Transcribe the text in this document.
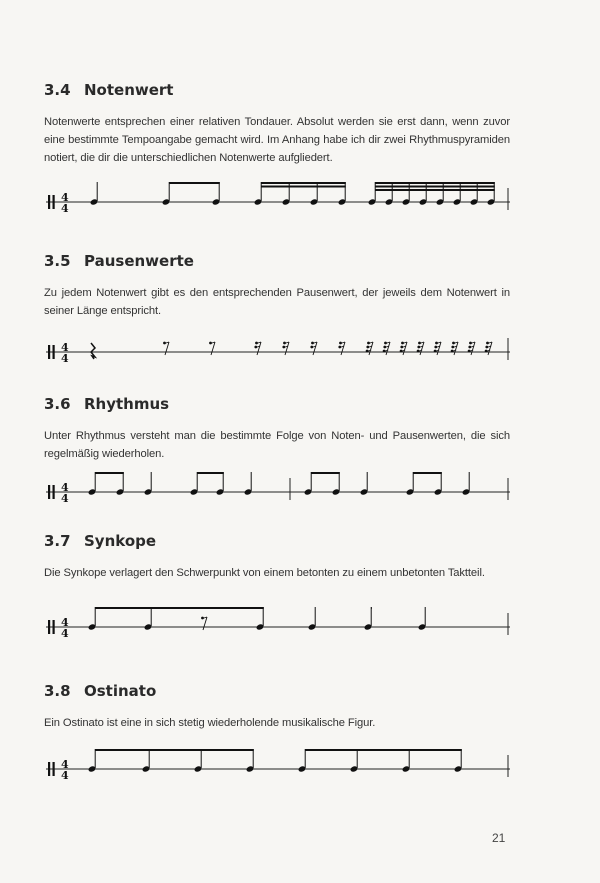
3.4 Notenwert

Notenwerte entsprechen einer relativen Tondauer. Absolut werden sie erst dann, wenn zuvor eine bestimmte Tempoangabe gemacht wird. Im Anhang habe ich dir zwei Rhythmuspyramiden notiert, die dir die unterschiedlichen Notenwerte aufgliedert.

4
4
3.5 Pausenwerte

Zu jedem Notenwert gibt es den entsprechenden Pausenwert, der jeweils dem Notenwert in seiner Länge entspricht.

4
4
3.6 Rhythmus

Unter Rhythmus versteht man die bestimmte Folge von Noten- und Pausenwerten, die sich regelmäßig wiederholen.

4
4
3.7 Synkope

Die Synkope verlagert den Schwerpunkt von einem betonten zu einem unbetonten Taktteil.

4
4
3.8 Ostinato

Ein Ostinato ist eine in sich stetig wiederholende musikalische Figur.

4
4
21
